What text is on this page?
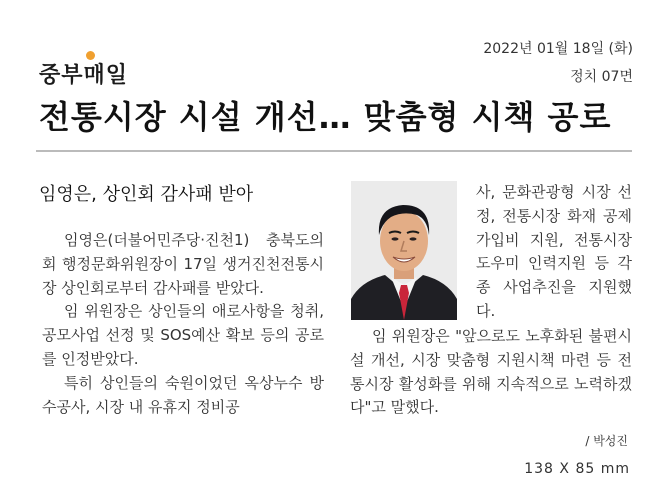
중부매일
2022년 01월 18일 (화)
정치 07면
전통시장 시설 개선… 맞춤형 시책 공로
임영은, 상인회 감사패 받아

임영은(더불어민주당·진천1) 충북도의회 행정문화위원장이 17일 생거진천전통시장 상인회로부터 감사패를 받았다.

임 위원장은 상인들의 애로사항을 청취, 공모사업 선정 및 SOS예산 확보 등의 공로를 인정받았다.

특히 상인들의 숙원이었던 옥상누수 방수공사, 시장 내 유휴지 정비공

사, 문화관광형 시장 선정, 전통시장 화재 공제 가입비 지원, 전통시장 도우미 인력지원 등 각종 사업추진을 지원했다.

임 위원장은 "앞으로도 노후화된 불편시설 개선, 시장 맞춤형 지원시책 마련 등 전통시장 활성화를 위해 지속적으로 노력하겠다"고 말했다.

/ 박성진
138 X 85 mm
